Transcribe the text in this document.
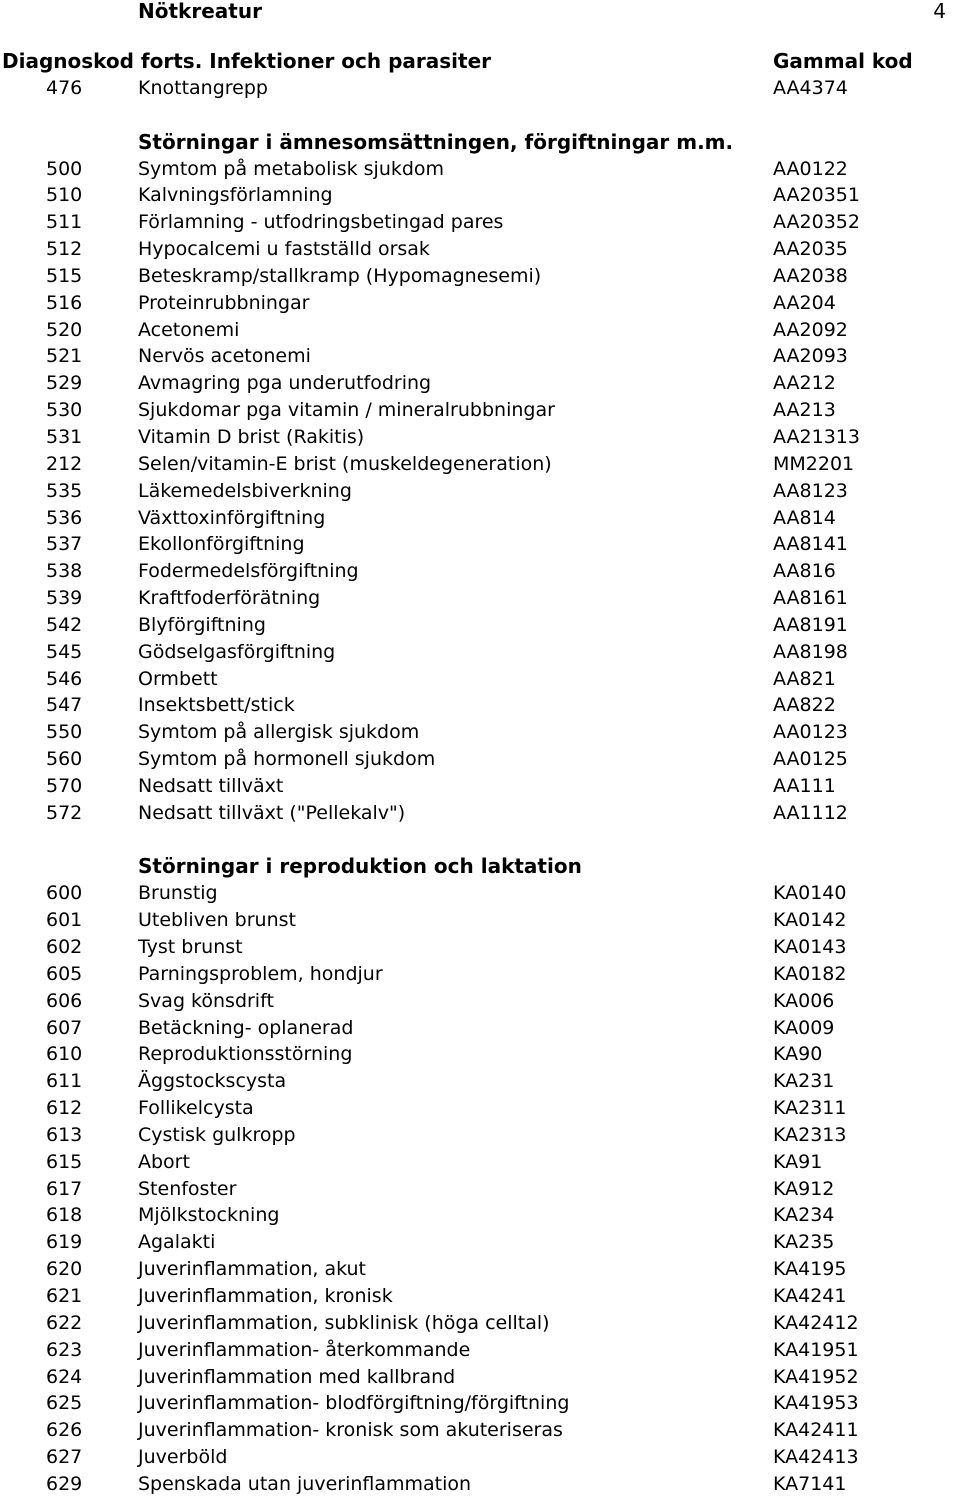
Nötkreatur	4
Diagnoskod forts. Infektioner och parasiter	Gammal kod
476	Knottangrepp	AA4374
Störningar i ämnesomsättningen, förgiftningar m.m.
500	Symtom på metabolisk sjukdom	AA0122
510	Kalvningsförlamning	AA20351
511	Förlamning - utfodringsbetingad pares	AA20352
512	Hypocalcemi u fastställd orsak	AA2035
515	Beteskramp/stallkramp (Hypomagnesemi)	AA2038
516	Proteinrubbningar	AA204
520	Acetonemi	AA2092
521	Nervös acetonemi	AA2093
529	Avmagring pga underutfodring	AA212
530	Sjukdomar pga vitamin / mineralrubbningar	AA213
531	Vitamin D brist (Rakitis)	AA21313
212	Selen/vitamin-E brist (muskeldegeneration)	MM2201
535	Läkemedelsbiverkning	AA8123
536	Växttoxinförgiftning	AA814
537	Ekollonförgiftning	AA8141
538	Fodermedelsförgiftning	AA816
539	Kraftfoderförätning	AA8161
542	Blyförgiftning	AA8191
545	Gödselgasförgiftning	AA8198
546	Ormbett	AA821
547	Insektsbett/stick	AA822
550	Symtom på allergisk sjukdom	AA0123
560	Symtom på hormonell sjukdom	AA0125
570	Nedsatt tillväxt	AA111
572	Nedsatt tillväxt ("Pellekalv")	AA1112
Störningar i reproduktion och laktation
600	Brunstig	KA0140
601	Utebliven brunst	KA0142
602	Tyst brunst	KA0143
605	Parningsproblem, hondjur	KA0182
606	Svag könsdrift	KA006
607	Betäckning- oplanerad	KA009
610	Reproduktionsstörning	KA90
611	Äggstockscysta	KA231
612	Follikelcysta	KA2311
613	Cystisk gulkropp	KA2313
615	Abort	KA91
617	Stenfoster	KA912
618	Mjölkstockning	KA234
619	Agalakti	KA235
620	Juverinflammation, akut	KA4195
621	Juverinflammation, kronisk	KA4241
622	Juverinflammation, subklinisk (höga celltal)	KA42412
623	Juverinflammation- återkommande	KA41951
624	Juverinflammation med kallbrand	KA41952
625	Juverinflammation- blodförgiftning/förgiftning	KA41953
626	Juverinflammation- kronisk som akuteriseras	KA42411
627	Juverböld	KA42413
629	Spenskada utan juverinflammation	KA7141
